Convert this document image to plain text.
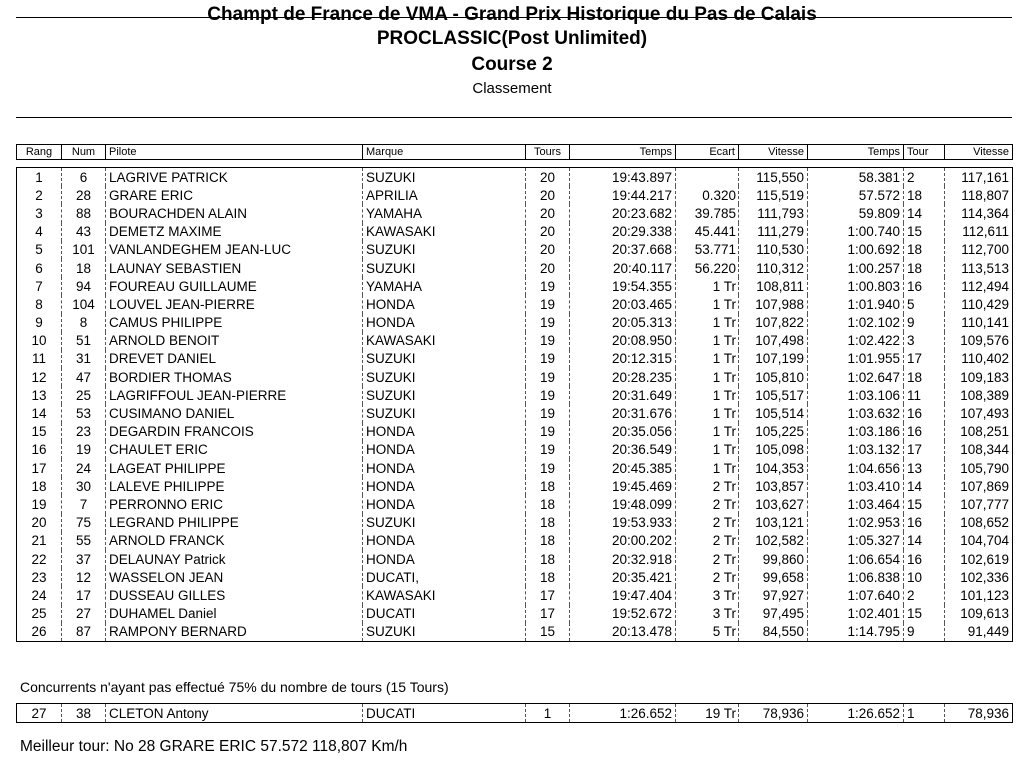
Champt de France de VMA - Grand Prix Historique du Pas de Calais
PROCLASSIC(Post Unlimited)
Course 2
Classement
Rang	Num	Pilote	Marque	Tours	Temps	Ecart	Vitesse	Temps	Tour	Vitesse
1	6	LAGRIVE PATRICK	SUZUKI	20	19:43.897		115,550	58.381	2	117,161
2	28	GRARE ERIC	APRILIA	20	19:44.217	0.320	115,519	57.572	18	118,807
3	88	BOURACHDEN ALAIN	YAMAHA	20	20:23.682	39.785	111,793	59.809	14	114,364
4	43	DEMETZ MAXIME	KAWASAKI	20	20:29.338	45.441	111,279	1:00.740	15	112,611
5	101	VANLANDEGHEM JEAN-LUC	SUZUKI	20	20:37.668	53.771	110,530	1:00.692	18	112,700
6	18	LAUNAY SEBASTIEN	SUZUKI	20	20:40.117	56.220	110,312	1:00.257	18	113,513
7	94	FOUREAU GUILLAUME	YAMAHA	19	19:54.355	1 Tr	108,811	1:00.803	16	112,494
8	104	LOUVEL JEAN-PIERRE	HONDA	19	20:03.465	1 Tr	107,988	1:01.940	5	110,429
9	8	CAMUS PHILIPPE	HONDA	19	20:05.313	1 Tr	107,822	1:02.102	9	110,141
10	51	ARNOLD BENOIT	KAWASAKI	19	20:08.950	1 Tr	107,498	1:02.422	3	109,576
11	31	DREVET DANIEL	SUZUKI	19	20:12.315	1 Tr	107,199	1:01.955	17	110,402
12	47	BORDIER THOMAS	SUZUKI	19	20:28.235	1 Tr	105,810	1:02.647	18	109,183
13	25	LAGRIFFOUL JEAN-PIERRE	SUZUKI	19	20:31.649	1 Tr	105,517	1:03.106	11	108,389
14	53	CUSIMANO DANIEL	SUZUKI	19	20:31.676	1 Tr	105,514	1:03.632	16	107,493
15	23	DEGARDIN FRANCOIS	HONDA	19	20:35.056	1 Tr	105,225	1:03.186	16	108,251
16	19	CHAULET ERIC	HONDA	19	20:36.549	1 Tr	105,098	1:03.132	17	108,344
17	24	LAGEAT PHILIPPE	HONDA	19	20:45.385	1 Tr	104,353	1:04.656	13	105,790
18	30	LALEVE PHILIPPE	HONDA	18	19:45.469	2 Tr	103,857	1:03.410	14	107,869
19	7	PERRONNO ERIC	HONDA	18	19:48.099	2 Tr	103,627	1:03.464	15	107,777
20	75	LEGRAND PHILIPPE	SUZUKI	18	19:53.933	2 Tr	103,121	1:02.953	16	108,652
21	55	ARNOLD FRANCK	HONDA	18	20:00.202	2 Tr	102,582	1:05.327	14	104,704
22	37	DELAUNAY Patrick	HONDA	18	20:32.918	2 Tr	99,860	1:06.654	16	102,619
23	12	WASSELON JEAN	DUCATI,	18	20:35.421	2 Tr	99,658	1:06.838	10	102,336
24	17	DUSSEAU GILLES	KAWASAKI	17	19:47.404	3 Tr	97,927	1:07.640	2	101,123
25	27	DUHAMEL Daniel	DUCATI	17	19:52.672	3 Tr	97,495	1:02.401	15	109,613
26	87	RAMPONY BERNARD	SUZUKI	15	20:13.478	5 Tr	84,550	1:14.795	9	91,449
Concurrents n'ayant pas effectué 75% du nombre de tours (15 Tours)
27	38	CLETON Antony	DUCATI	1	1:26.652	19 Tr	78,936	1:26.652	1	78,936
Meilleur tour: No 28 GRARE ERIC 57.572 118,807 Km/h
